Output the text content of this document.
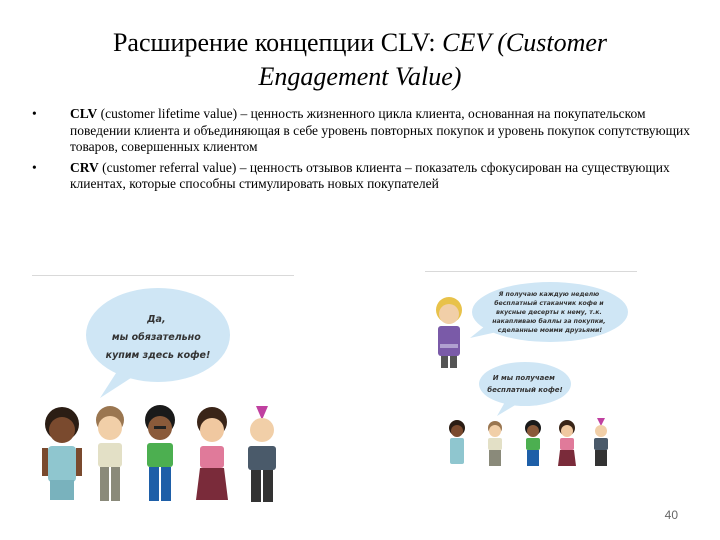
Расширение концепции CLV: CEV (Customer Engagement Value)
• CLV (customer lifetime value) – ценность жизненного цикла клиента, основанная на покупательском поведении клиента и объединяющая в себе уровень повторных покупок и уровень покупок сопутствующих товаров, совершенных клиентом
• CRV (customer referral value) – ценность отзывов клиента – показатель сфокусирован на существующих клиентах, которые способны стимулировать новых покупателей
Да, мы обязательно купим здесь кофе!
Я получаю каждую неделю бесплатный стаканчик кофе и вкусные десерты к нему, т.к. накапливаю баллы за покупки, сделанные моими друзьями!
И мы получаем бесплатный кофе!
40
